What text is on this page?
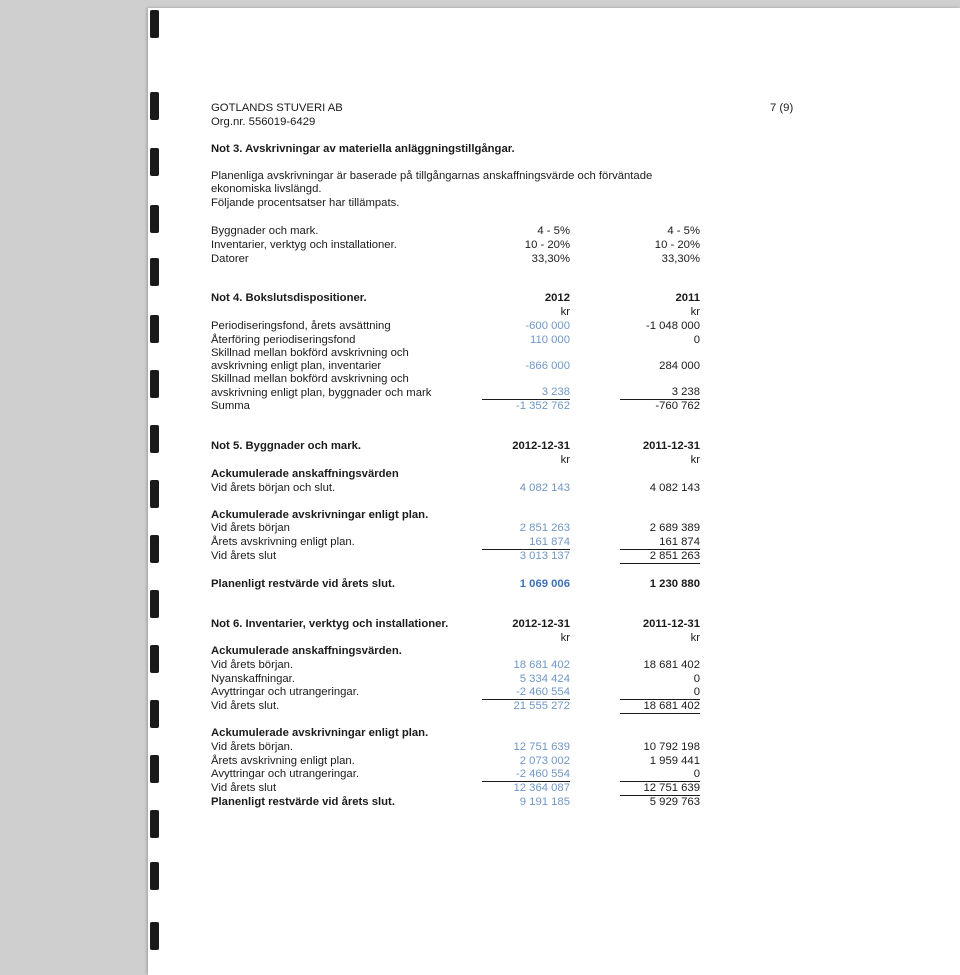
GOTLANDS STUVERI AB
Org.nr. 556019-6429
7 (9)
Not 3. Avskrivningar av materiella anläggningstillgångar.
Planenliga avskrivningar är baserade på tillgångarnas anskaffningsvärde och förväntade
ekonomiska livslängd.
Följande procentsatser har tillämpats.
Byggnader och mark.	4 - 5%	4 - 5%
Inventarier, verktyg och installationer.	10 - 20%	10 - 20%
Datorer	33,30%	33,30%
Not 4. Bokslutsdispositioner.	2012	2011
kr	kr
Periodiseringsfond, årets avsättning	-600 000	-1 048 000
Återföring periodiseringsfond	110 000	0
Skillnad mellan bokförd avskrivning och
avskrivning enligt plan, inventarier	-866 000	284 000
Skillnad mellan bokförd avskrivning och
avskrivning enligt plan, byggnader och mark	3 238	3 238
Summa	-1 352 762	-760 762
Not 5. Byggnader och mark.	2012-12-31	2011-12-31
kr	kr
Ackumulerade anskaffningsvärden
Vid årets början och slut.	4 082 143	4 082 143
Ackumulerade avskrivningar enligt plan.
Vid årets början	2 851 263	2 689 389
Årets avskrivning enligt plan.	161 874	161 874
Vid årets slut	3 013 137	2 851 263
Planenligt restvärde vid årets slut.	1 069 006	1 230 880
Not 6. Inventarier, verktyg och installationer.	2012-12-31	2011-12-31
kr	kr
Ackumulerade anskaffningsvärden.
Vid årets början.	18 681 402	18 681 402
Nyanskaffningar.	5 334 424	0
Avyttringar och utrangeringar.	-2 460 554	0
Vid årets slut.	21 555 272	18 681 402
Ackumulerade avskrivningar enligt plan.
Vid årets början.	12 751 639	10 792 198
Årets avskrivning enligt plan.	2 073 002	1 959 441
Avyttringar och utrangeringar.	-2 460 554	0
Vid årets slut	12 364 087	12 751 639
Planenligt restvärde vid årets slut.	9 191 185	5 929 763
